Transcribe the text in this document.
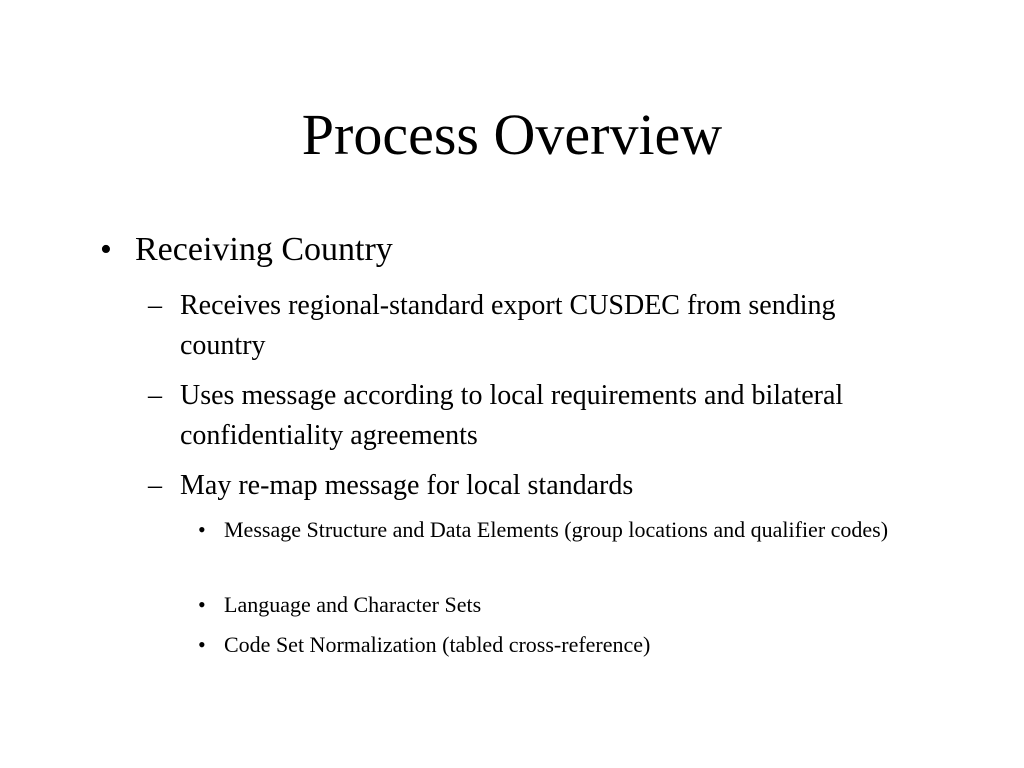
Process Overview
• Receiving Country
– Receives regional-standard export CUSDEC from sending country
– Uses message according to local requirements and bilateral confidentiality agreements
– May re-map message for local standards
• Message Structure and Data Elements (group locations and qualifier codes)
• Language and Character Sets
• Code Set Normalization (tabled cross-reference)
